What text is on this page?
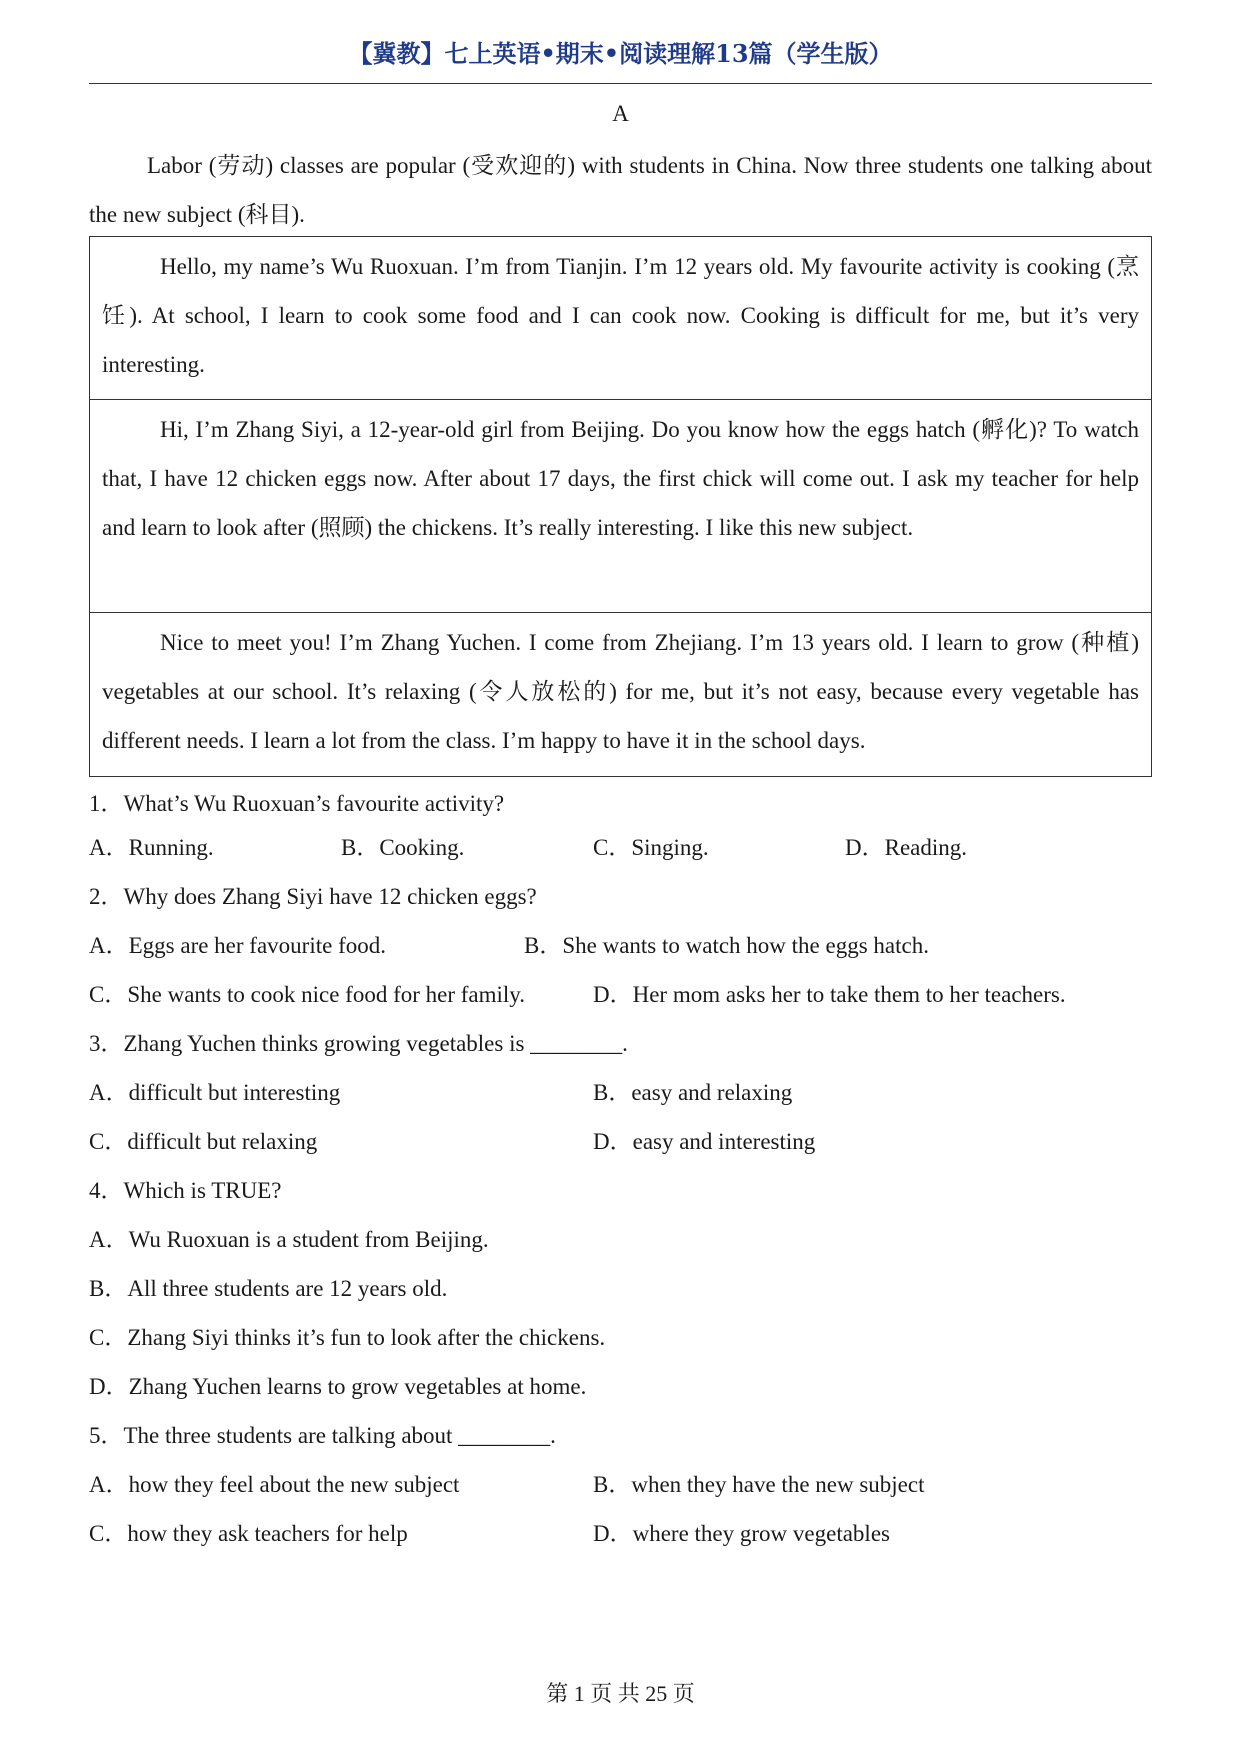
【冀教】七上英语•期末•阅读理解13篇（学生版）
A
Labor (劳动) classes are popular (受欢迎的) with students in China. Now three students one talking about the new subject (科目).

Hello, my name’s Wu Ruoxuan. I’m from Tianjin. I’m 12 years old. My favourite activity is cooking (烹饪). At school, I learn to cook some food and I can cook now. Cooking is difficult for me, but it’s very interesting.

Hi, I’m Zhang Siyi, a 12-year-old girl from Beijing. Do you know how the eggs hatch (孵化)? To watch that, I have 12 chicken eggs now. After about 17 days, the first chick will come out. I ask my teacher for help and learn to look after (照顾) the chickens. It’s really interesting. I like this new subject.

Nice to meet you! I’m Zhang Yuchen. I come from Zhejiang. I’m 13 years old. I learn to grow (种植) vegetables at our school. It’s relaxing (令人放松的) for me, but it’s not easy, because every vegetable has different needs. I learn a lot from the class. I’m happy to have it in the school days.

1．What’s Wu Ruoxuan’s favourite activity?
A．Running.	B．Cooking.	C．Singing.	D．Reading.
2．Why does Zhang Siyi have 12 chicken eggs?
A．Eggs are her favourite food.	B．She wants to watch how the eggs hatch.
C．She wants to cook nice food for her family.	D．Her mom asks her to take them to her teachers.
3．Zhang Yuchen thinks growing vegetables is ________.
A．difficult but interesting	B．easy and relaxing
C．difficult but relaxing	D．easy and interesting
4．Which is TRUE?
A．Wu Ruoxuan is a student from Beijing.
B．All three students are 12 years old.
C．Zhang Siyi thinks it’s fun to look after the chickens.
D．Zhang Yuchen learns to grow vegetables at home.
5．The three students are talking about ________.
A．how they feel about the new subject	B．when they have the new subject
C．how they ask teachers for help	D．where they grow vegetables
第 1 页 共 25 页
